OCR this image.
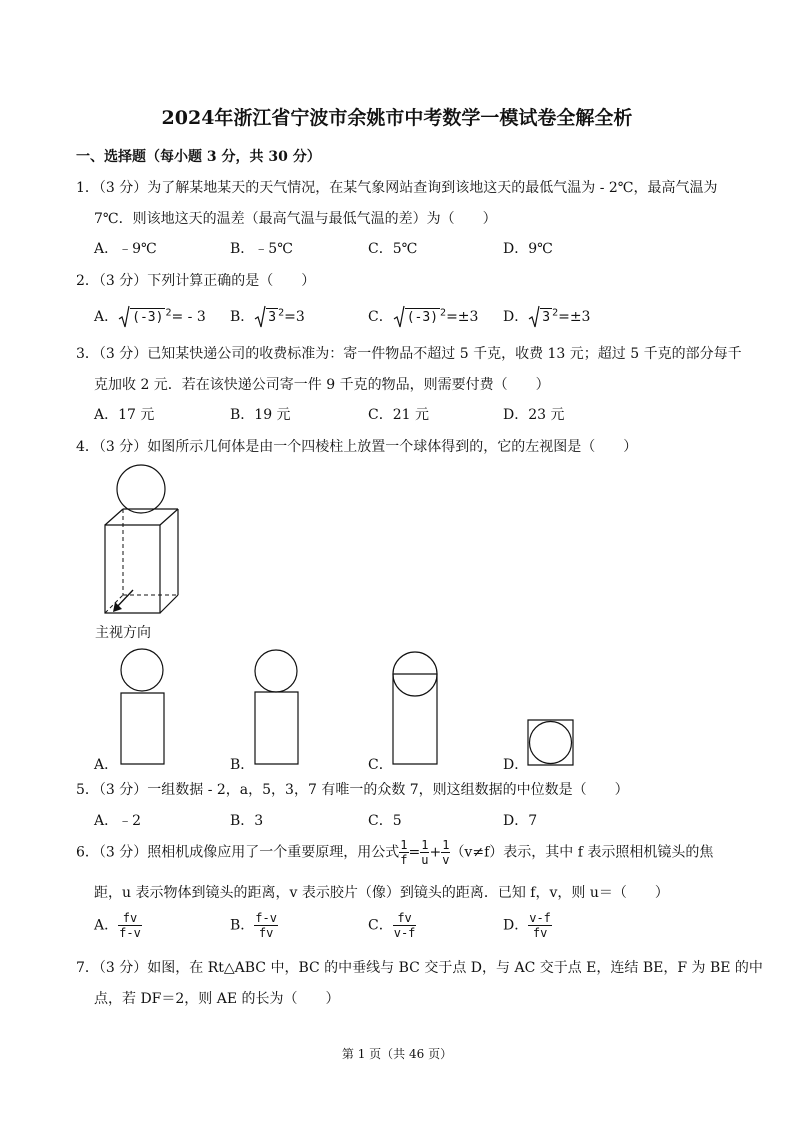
2024年浙江省宁波市余姚市中考数学一模试卷全解全析
一、选择题（每小题 3 分，共 30 分）
1．（3 分）为了解某地某天的天气情况，在某气象网站查询到该地这天的最低气温为 - 2℃，最高气温为
7℃．则该地这天的温差（最高气温与最低气温的差）为（　　）
A．﹣9℃	B．﹣5℃	C．5℃	D．9℃
2．（3 分）下列计算正确的是（　　）
A． (-3) $^2$= - 3 B． 3 $^2$=3	C． (-3) $^2$=±3 D． 3 $^2$=±3
3．（3 分）已知某快递公司的收费标准为：寄一件物品不超过 5 千克，收费 13 元；超过 5 千克的部分每千
克加收 2 元．若在该快递公司寄一件 9 千克的物品，则需要付费（　　）
A．17 元	B．19 元	C．21 元	D．23 元
4．（3 分）如图所示几何体是由一个四棱柱上放置一个球体得到的，它的左视图是（　　）
主视方向
A．	B．	C．	D．
5．（3 分）一组数据 - 2，a，5，3，7 有唯一的众数 7，则这组数据的中位数是（　　）
A．﹣2	B．3	C．5	D．7
6．（3 分）照相机成像应用了一个重要原理，用公式 $\frac{1}{f} = \frac{1}{u} + \frac{1}{v} (v\ne f)$表示，其中 f 表示照相机镜头的焦
距，u 表示物体到镜头的距离，v 表示胶片（像）到镜头的距离．已知 f，v，则 u＝（　　）
A． $\frac{fv}{f-v}$	B． $\frac{f-v}{fv}$	C． $\frac{fv}{v-f}$	D． $\frac{v-f}{fv}$
7．（3 分）如图，在 Rt△ABC 中，BC 的中垂线与 BC 交于点 D，与 AC 交于点 E，连结 BE，F 为 BE 的中
点，若 DF＝2，则 AE 的长为（　　）
第 1 页（共 46 页）
